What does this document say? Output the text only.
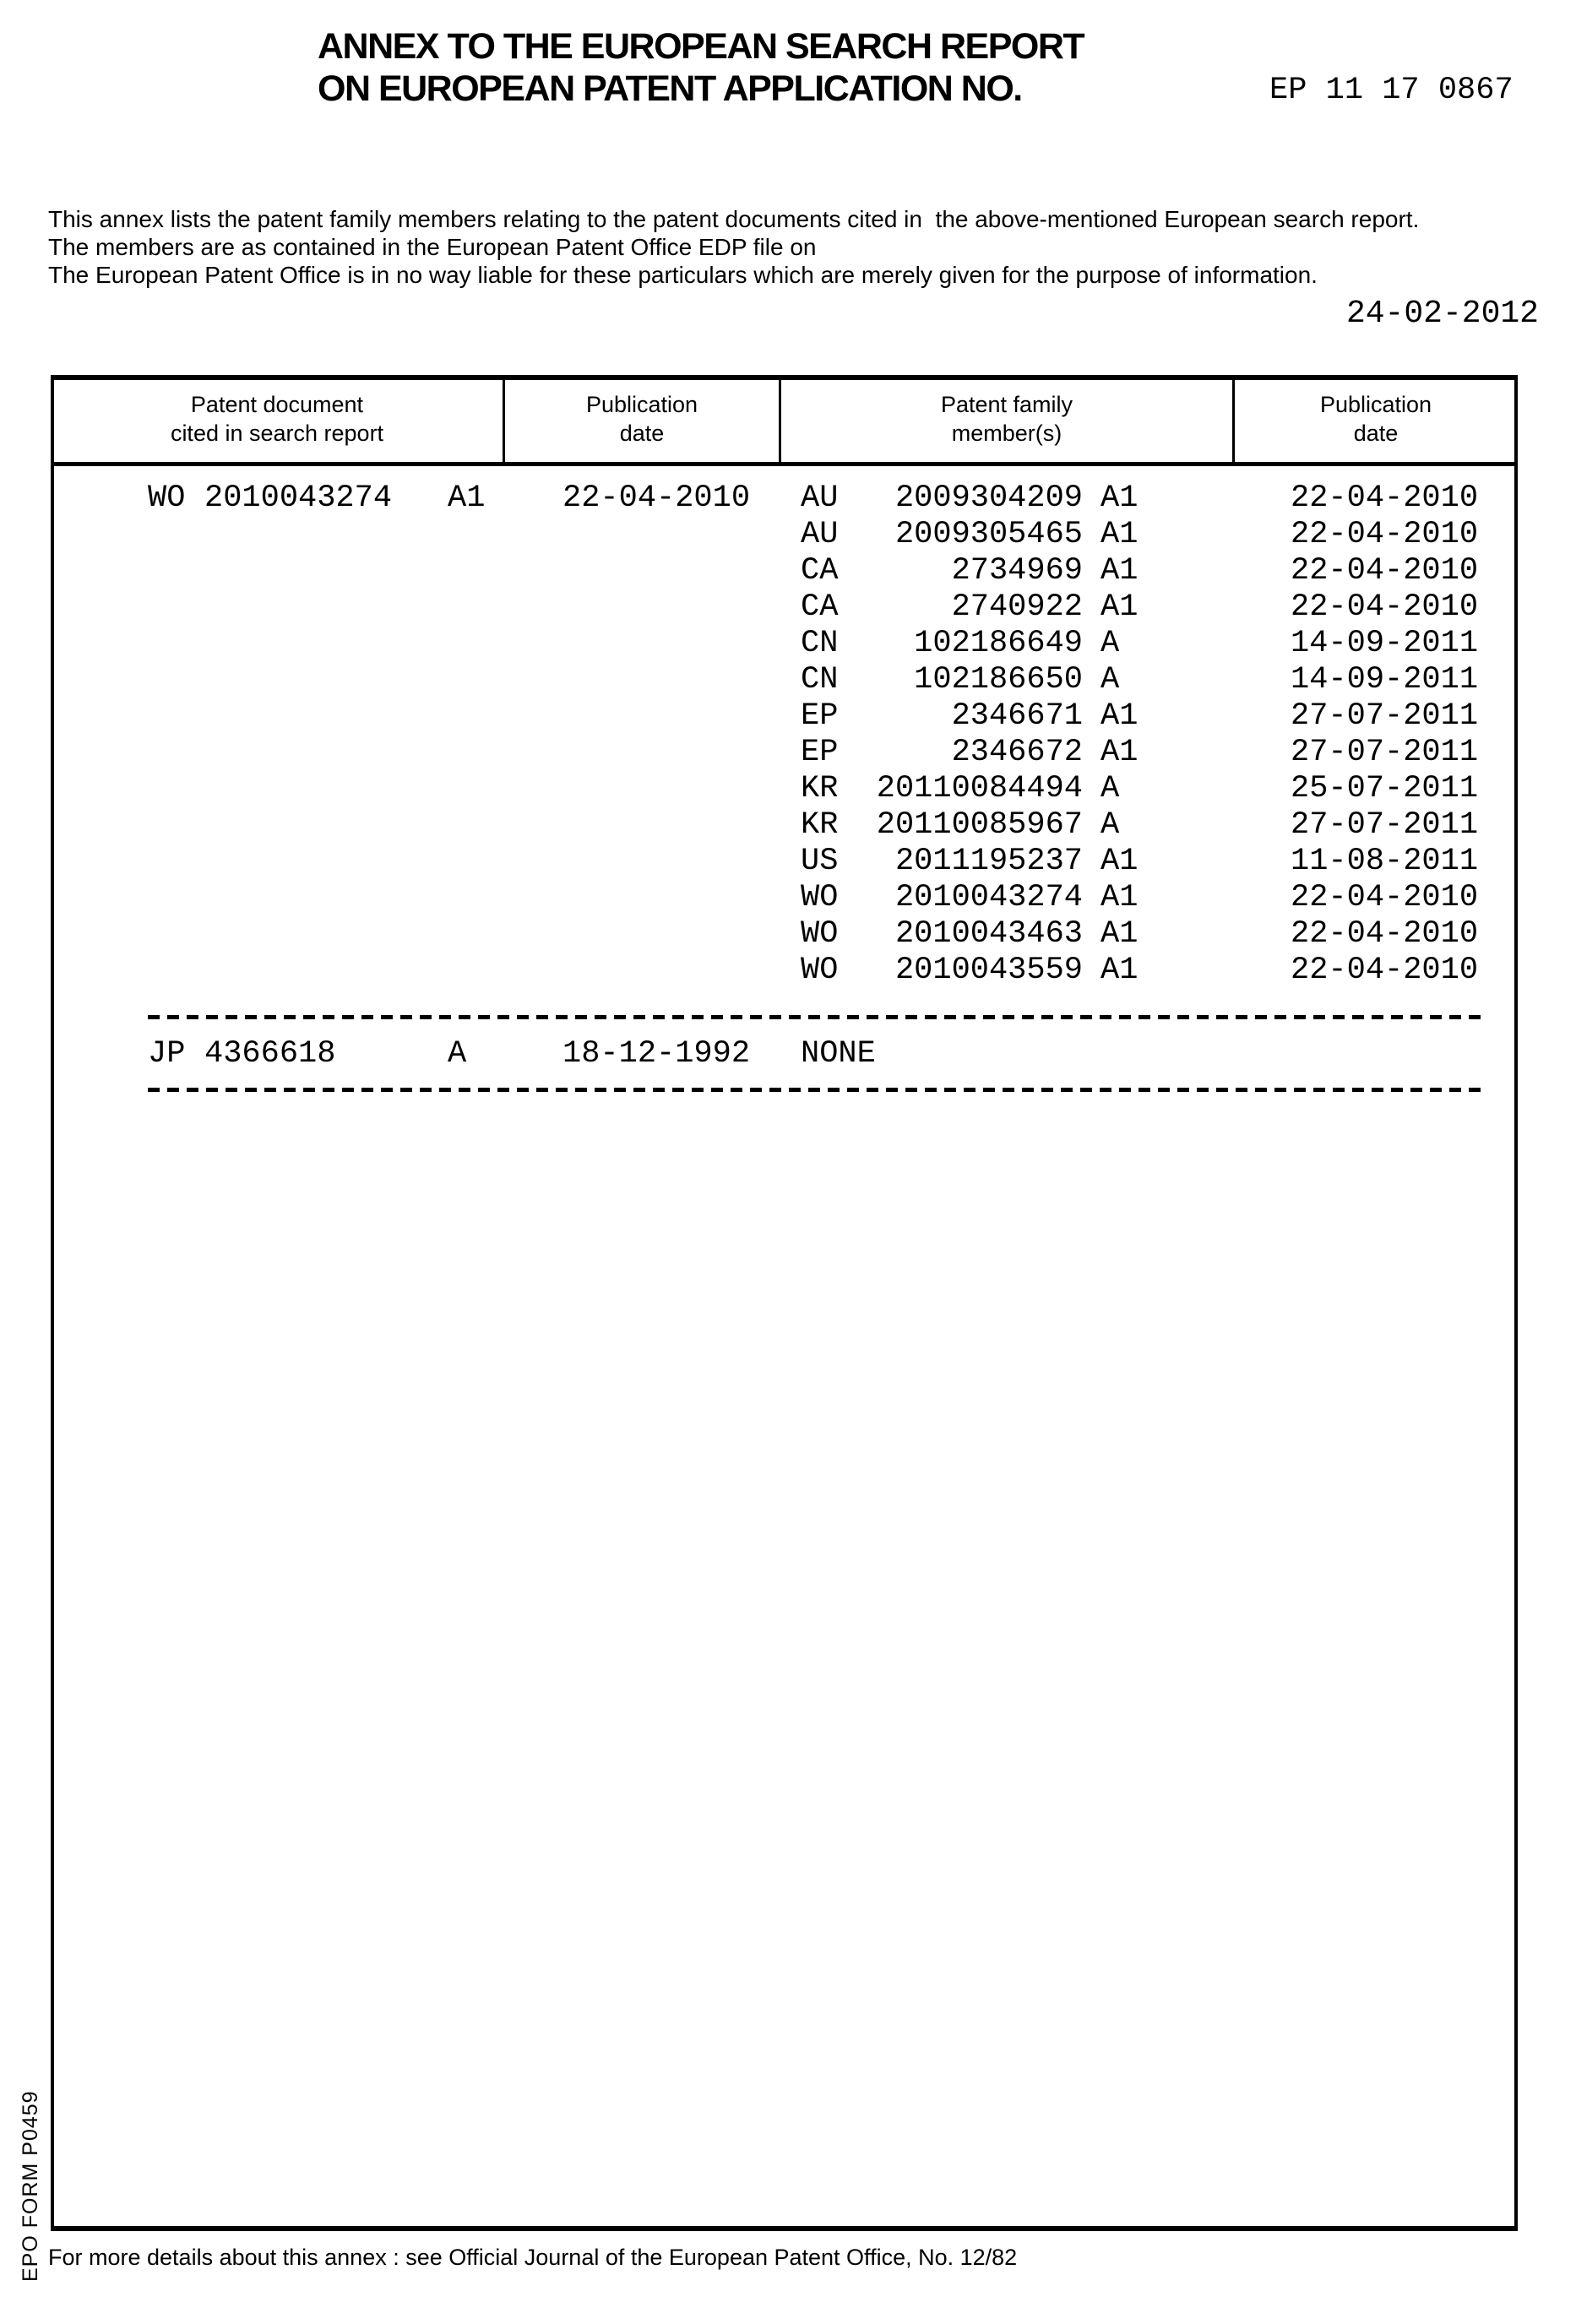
ANNEX TO THE EUROPEAN SEARCH REPORT
ON EUROPEAN PATENT APPLICATION NO.	EP 11 17 0867
This annex lists the patent family members relating to the patent documents cited in  the above-mentioned European search report.
The members are as contained in the European Patent Office EDP file on
The European Patent Office is in no way liable for these particulars which are merely given for the purpose of information.
24-02-2012
Patent document
cited in search report
Publication
date
Patent family
member(s)
Publication
date
WO 2010043274 A1 22-04-2010 AU	2009304209 A1	22-04-2010
AU	2009305465 A1	22-04-2010
CA	2734969 A1	22-04-2010
CA	2740922 A1	22-04-2010
CN	102186649 A	14-09-2011
CN	102186650 A	14-09-2011
EP	2346671 A1	27-07-2011
EP	2346672 A1	27-07-2011
KR 20110084494 A	25-07-2011
KR 20110085967 A	27-07-2011
US	2011195237 A1	11-08-2011
WO	2010043274 A1	22-04-2010
WO	2010043463 A1	22-04-2010
WO	2010043559 A1	22-04-2010
JP 4366618	A	18-12-1992 NONE
For more details about this annex : see Official Journal of the European Patent Office, No. 12/82
EPO FORM P0459
